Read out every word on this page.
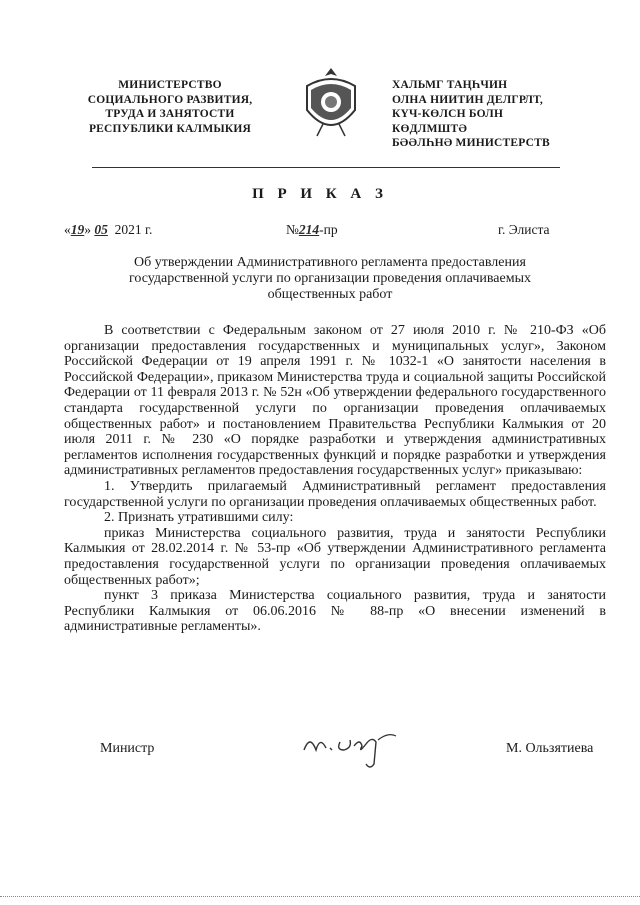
МИНИСТЕРСТВО
СОЦИАЛЬНОГО РАЗВИТИЯ,
ТРУДА И ЗАНЯТОСТИ
РЕСПУБЛИКИ КАЛМЫКИЯ
ХАЛЬМГ ТАҢҺЧИН
ОЛНА НИИТИН ДЕЛГРЛТ,
КҮЧ-КӨЛСН БОЛН
КӨДЛМШТӘ
БӘӘЛҺНӘ МИНИСТЕРСТВ
П Р И К А З
«19» 05 2021 г.	№214-пр	г. Элиста
Об утверждении Административного регламента предоставления государственной услуги по организации проведения оплачиваемых общественных работ

В соответствии с Федеральным законом от 27 июля 2010 г. № 210-ФЗ «Об организации предоставления государственных и муниципальных услуг», Законом Российской Федерации от 19 апреля 1991 г. № 1032-1 «О занятости населения в Российской Федерации», приказом Министерства труда и социальной защиты Российской Федерации от 11 февраля 2013 г. № 52н «Об утверждении федерального государственного стандарта государственной услуги по организации проведения оплачиваемых общественных работ» и постановлением Правительства Республики Калмыкия от 20 июля 2011 г. № 230 «О порядке разработки и утверждения административных регламентов исполнения государственных функций и порядке разработки и утверждения административных регламентов предоставления государственных услуг» приказываю:

1. Утвердить прилагаемый Административный регламент предоставления государственной услуги по организации проведения оплачиваемых общественных работ.

2. Признать утратившими силу:

приказ Министерства социального развития, труда и занятости Республики Калмыкия от 28.02.2014 г. № 53-пр «Об утверждении Административного регламента предоставления государственной услуги по организации проведения оплачиваемых общественных работ»;

пункт 3 приказа Министерства социального развития, труда и занятости Республики Калмыкия от 06.06.2016 № 88-пр «О внесении изменений в административные регламенты».

Министр	М. Ользятиева
